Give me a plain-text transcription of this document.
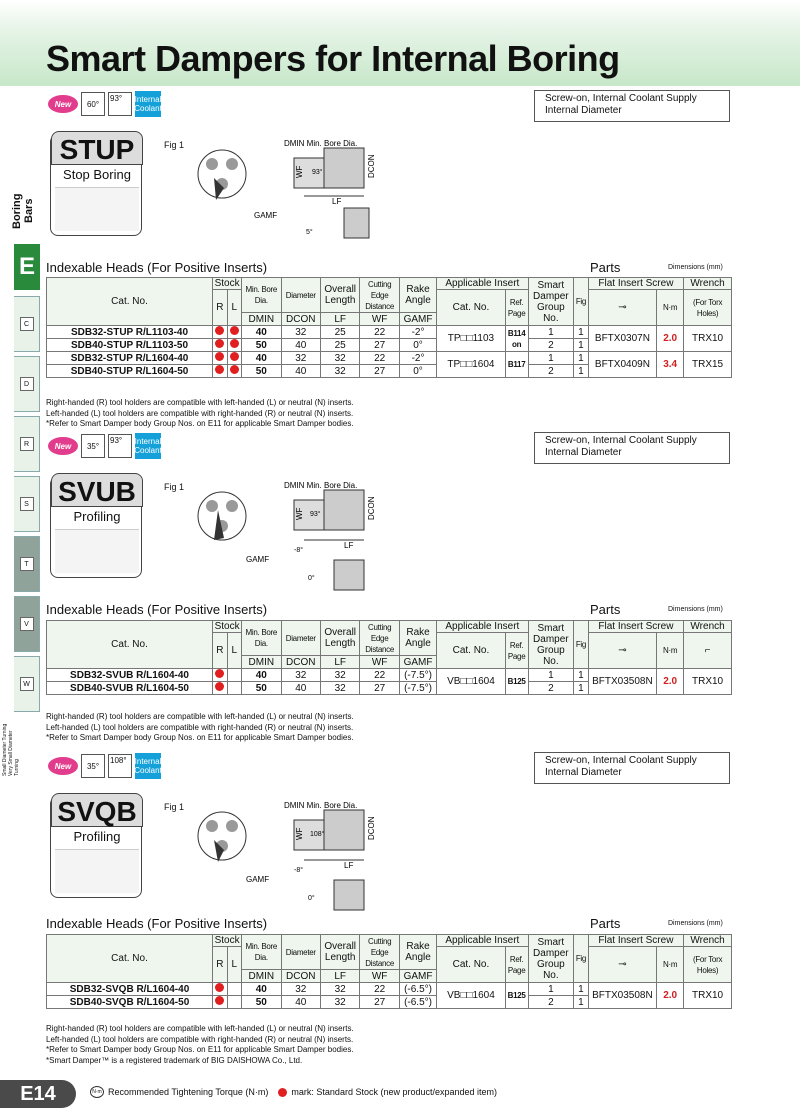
Smart Dampers for Internal Boring
Boring Bars
E
C
D
R
S
T
V
W
Small Diameter Turning Very Small Diameter Turning
New	60°
93°	Internal Coolant
Screw-on, Internal Coolant Supply
Internal Diameter
STUP
Stop Boring
Fig 1	DMIN Min. Bore Dia.
DCON
WF
LF
GAMF
93°
5°
Indexable Heads (For Positive Inserts)	Parts	Dimensions (mm)
Cat. No.	Stock		Min. Bore Dia.	Diameter	Overall Length	Cutting Edge Distance	Rake Angle	Applicable Insert		Smart Damper Group No.	Fig	Flat Insert Screw		Wrench
	R	L						Cat. No.	Ref. Page			⊸	N·m	(For Torx Holes)
			DMIN	DCON	LF	WF	GAMF							
SDB32-STUP R/L1103-40			40	32	25	22	-2°	TP□□1103	B114 on	1	1	BFTX0307N	2.0	TRX10
SDB40-STUP R/L1103-50			50	40	25	27	0°			2	1			
SDB32-STUP R/L1604-40			40	32	32	22	-2°	TP□□1604	B117	1	1	BFTX0409N	3.4	TRX15
SDB40-STUP R/L1604-50			50	40	32	27	0°			2	1			
Right-handed (R) tool holders are compatible with left-handed (L) or neutral (N) inserts.
Left-handed (L) tool holders are compatible with right-handed (R) or neutral (N) inserts.
*Refer to Smart Damper body Group Nos. on E11 for applicable Smart Damper bodies.
New	35°
93°	Internal Coolant
Screw-on, Internal Coolant Supply
Internal Diameter
SVUB
Profiling
Fig 1	DMIN Min. Bore Dia.
DCON
WF
LF
GAMF
93°
-8°
0°
Indexable Heads (For Positive Inserts)	Parts	Dimensions (mm)
Cat. No.	Stock		Min. Bore Dia.	Diameter	Overall Length	Cutting Edge Distance	Rake Angle	Applicable Insert		Smart Damper Group No.	Fig	Flat Insert Screw		Wrench
	R	L						Cat. No.	Ref. Page			⊸	N·m	⌐
			DMIN	DCON	LF	WF	GAMF							
SDB32-SVUB R/L1604-40			40	32	32	22	(-7.5°)	VB□□1604	B125	1	1	BFTX03508N	2.0	TRX10
SDB40-SVUB R/L1604-50			50	40	32	27	(-7.5°)			2	1			
Right-handed (R) tool holders are compatible with left-handed (L) or neutral (N) inserts.
Left-handed (L) tool holders are compatible with right-handed (R) or neutral (N) inserts.
*Refer to Smart Damper body Group Nos. on E11 for applicable Smart Damper bodies.
New	35°
108°	Internal Coolant
Screw-on, Internal Coolant Supply
Internal Diameter
SVQB
Profiling
Fig 1	DMIN Min. Bore Dia.
DCON
WF
LF
GAMF
108°
-8°
0°
Indexable Heads (For Positive Inserts)	Parts	Dimensions (mm)
Cat. No.	Stock		Min. Bore Dia.	Diameter	Overall Length	Cutting Edge Distance	Rake Angle	Applicable Insert		Smart Damper Group No.	Fig	Flat Insert Screw		Wrench
	R	L						Cat. No.	Ref. Page			⊸	N·m	(For Torx Holes)
			DMIN	DCON	LF	WF	GAMF							
SDB32-SVQB R/L1604-40			40	32	32	22	(-6.5°)	VB□□1604	B125	1	1	BFTX03508N	2.0	TRX10
SDB40-SVQB R/L1604-50			50	40	32	27	(-6.5°)			2	1			
Right-handed (R) tool holders are compatible with left-handed (L) or neutral (N) inserts.
Left-handed (L) tool holders are compatible with right-handed (R) or neutral (N) inserts.
*Refer to Smart Damper body Group Nos. on E11 for applicable Smart Damper bodies.
*Smart Damper™ is a registered trademark of BIG DAISHOWA Co., Ltd.
E14	N·m Recommended Tightening Torque (N·m)	mark: Standard Stock (new product/expanded item)
